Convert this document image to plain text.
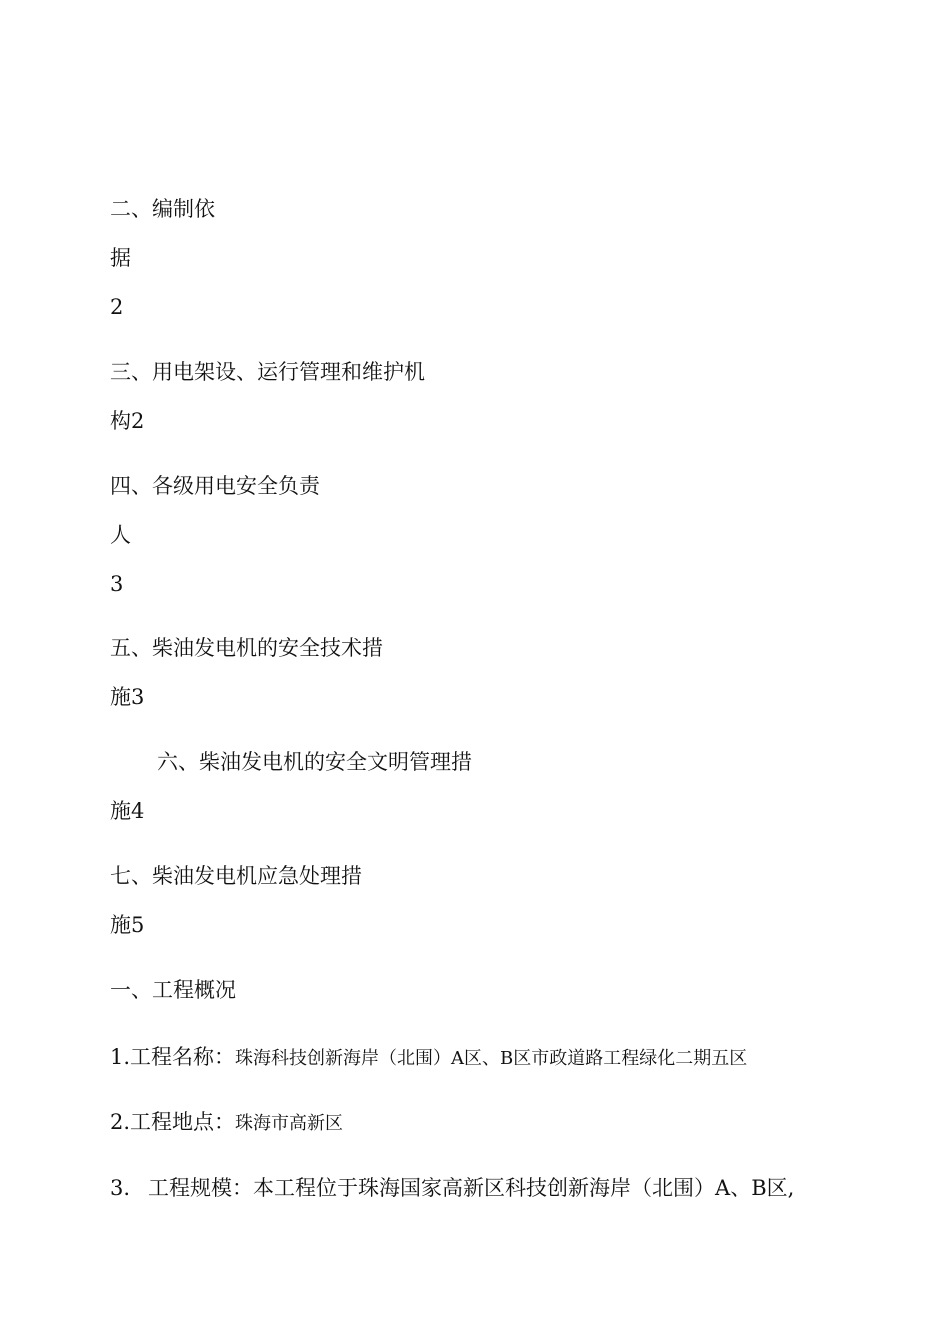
二、编制依
据
2
三、用电架设、运行管理和维护机
构2
四、各级用电安全负责
人
3
五、柴油发电机的安全技术措
施3
六、柴油发电机的安全文明管理措
施4
七、柴油发电机应急处理措
施5
一、工程概况
1.工程名称：珠海科技创新海岸（北围）A区、B区市政道路工程绿化二期五区
2.工程地点：珠海市高新区
3. 工程规模：本工程位于珠海国家高新区科技创新海岸（北围）A、B区,
